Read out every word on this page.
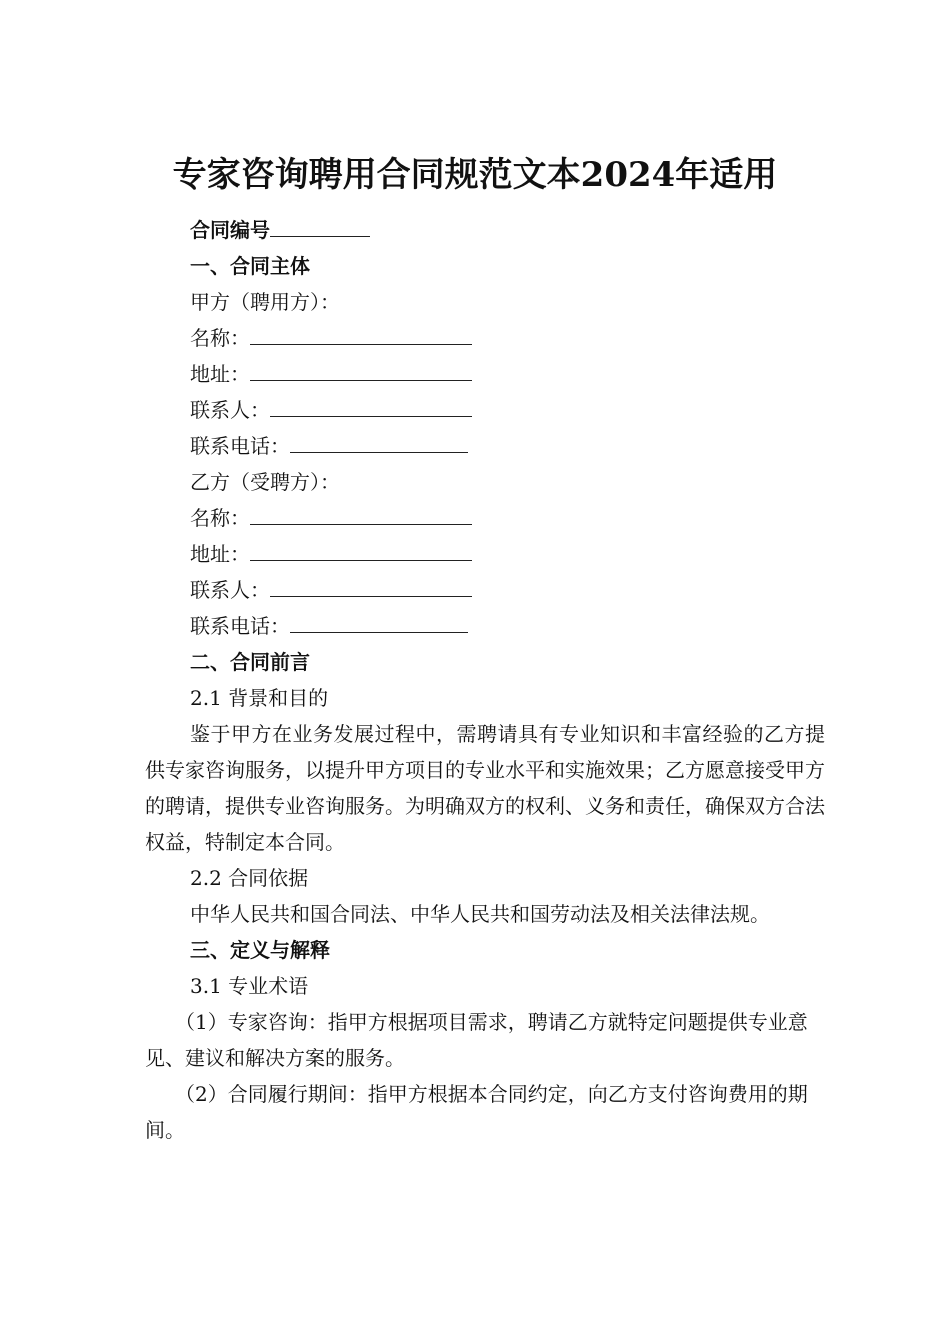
专家咨询聘用合同规范文本2024年适用
合同编号
一、合同主体
甲方（聘用方）：
名称：
地址：
联系人：
联系电话：
乙方（受聘方）：
名称：
地址：
联系人：
联系电话：
二、合同前言
2.1 背景和目的

鉴于甲方在业务发展过程中，需聘请具有专业知识和丰富经验的乙方提供专家咨询服务，以提升甲方项目的专业水平和实施效果；乙方愿意接受甲方的聘请，提供专业咨询服务。为明确双方的权利、义务和责任，确保双方合法权益，特制定本合同。

2.2 合同依据

中华人民共和国合同法、中华人民共和国劳动法及相关法律法规。

三、定义与解释
3.1 专业术语

（1）专家咨询：指甲方根据项目需求，聘请乙方就特定问题提供专业意见、建议和解决方案的服务。

（2）合同履行期间：指甲方根据本合同约定，向乙方支付咨询费用的期间。
